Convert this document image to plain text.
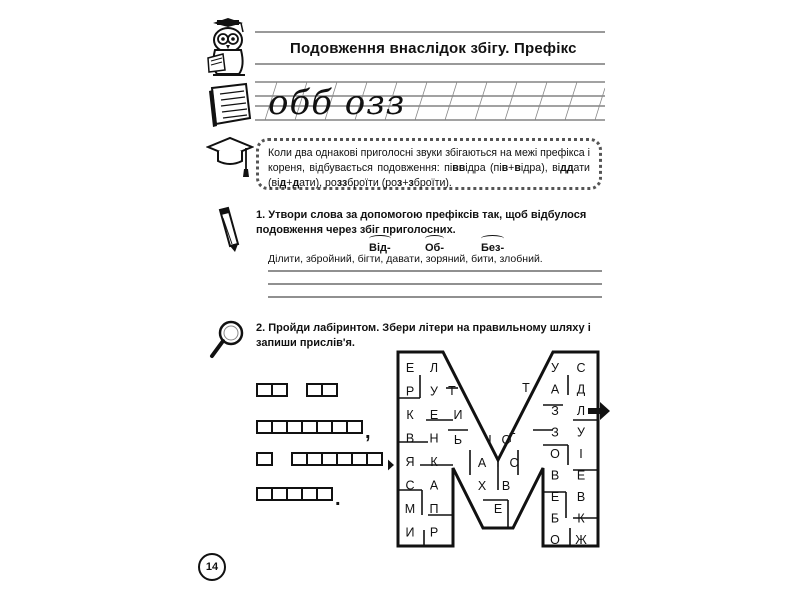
Подовження внаслідок збігу. Префікс
обб озз
Коли два однакові приголосні звуки збігаються на межі префікса і кореня, відбувається подовження: піввідра (пів+відра), віддати (від+дати), роззброїти (роз+зброїти).
1. Утвори слова за допомогою префіксів так, щоб відбулося подовження через збіг приголосних.
Від-	Об-	Без-
Ділити, збройний, бігти, давати, зоряний, бити, злобний.
2. Пройди лабіринтом. Збери літери на правильному шляху і запиши прислів'я.
,
.
Е Л
Р У
К Е
В Н
Я К
С А
М П
И Р
У С
А Д
З Л
З У
О І
В Е
Е В
Б К
О Ж
Т
И
Ь І С
Т
Г
А І С
Х В
Е
14
